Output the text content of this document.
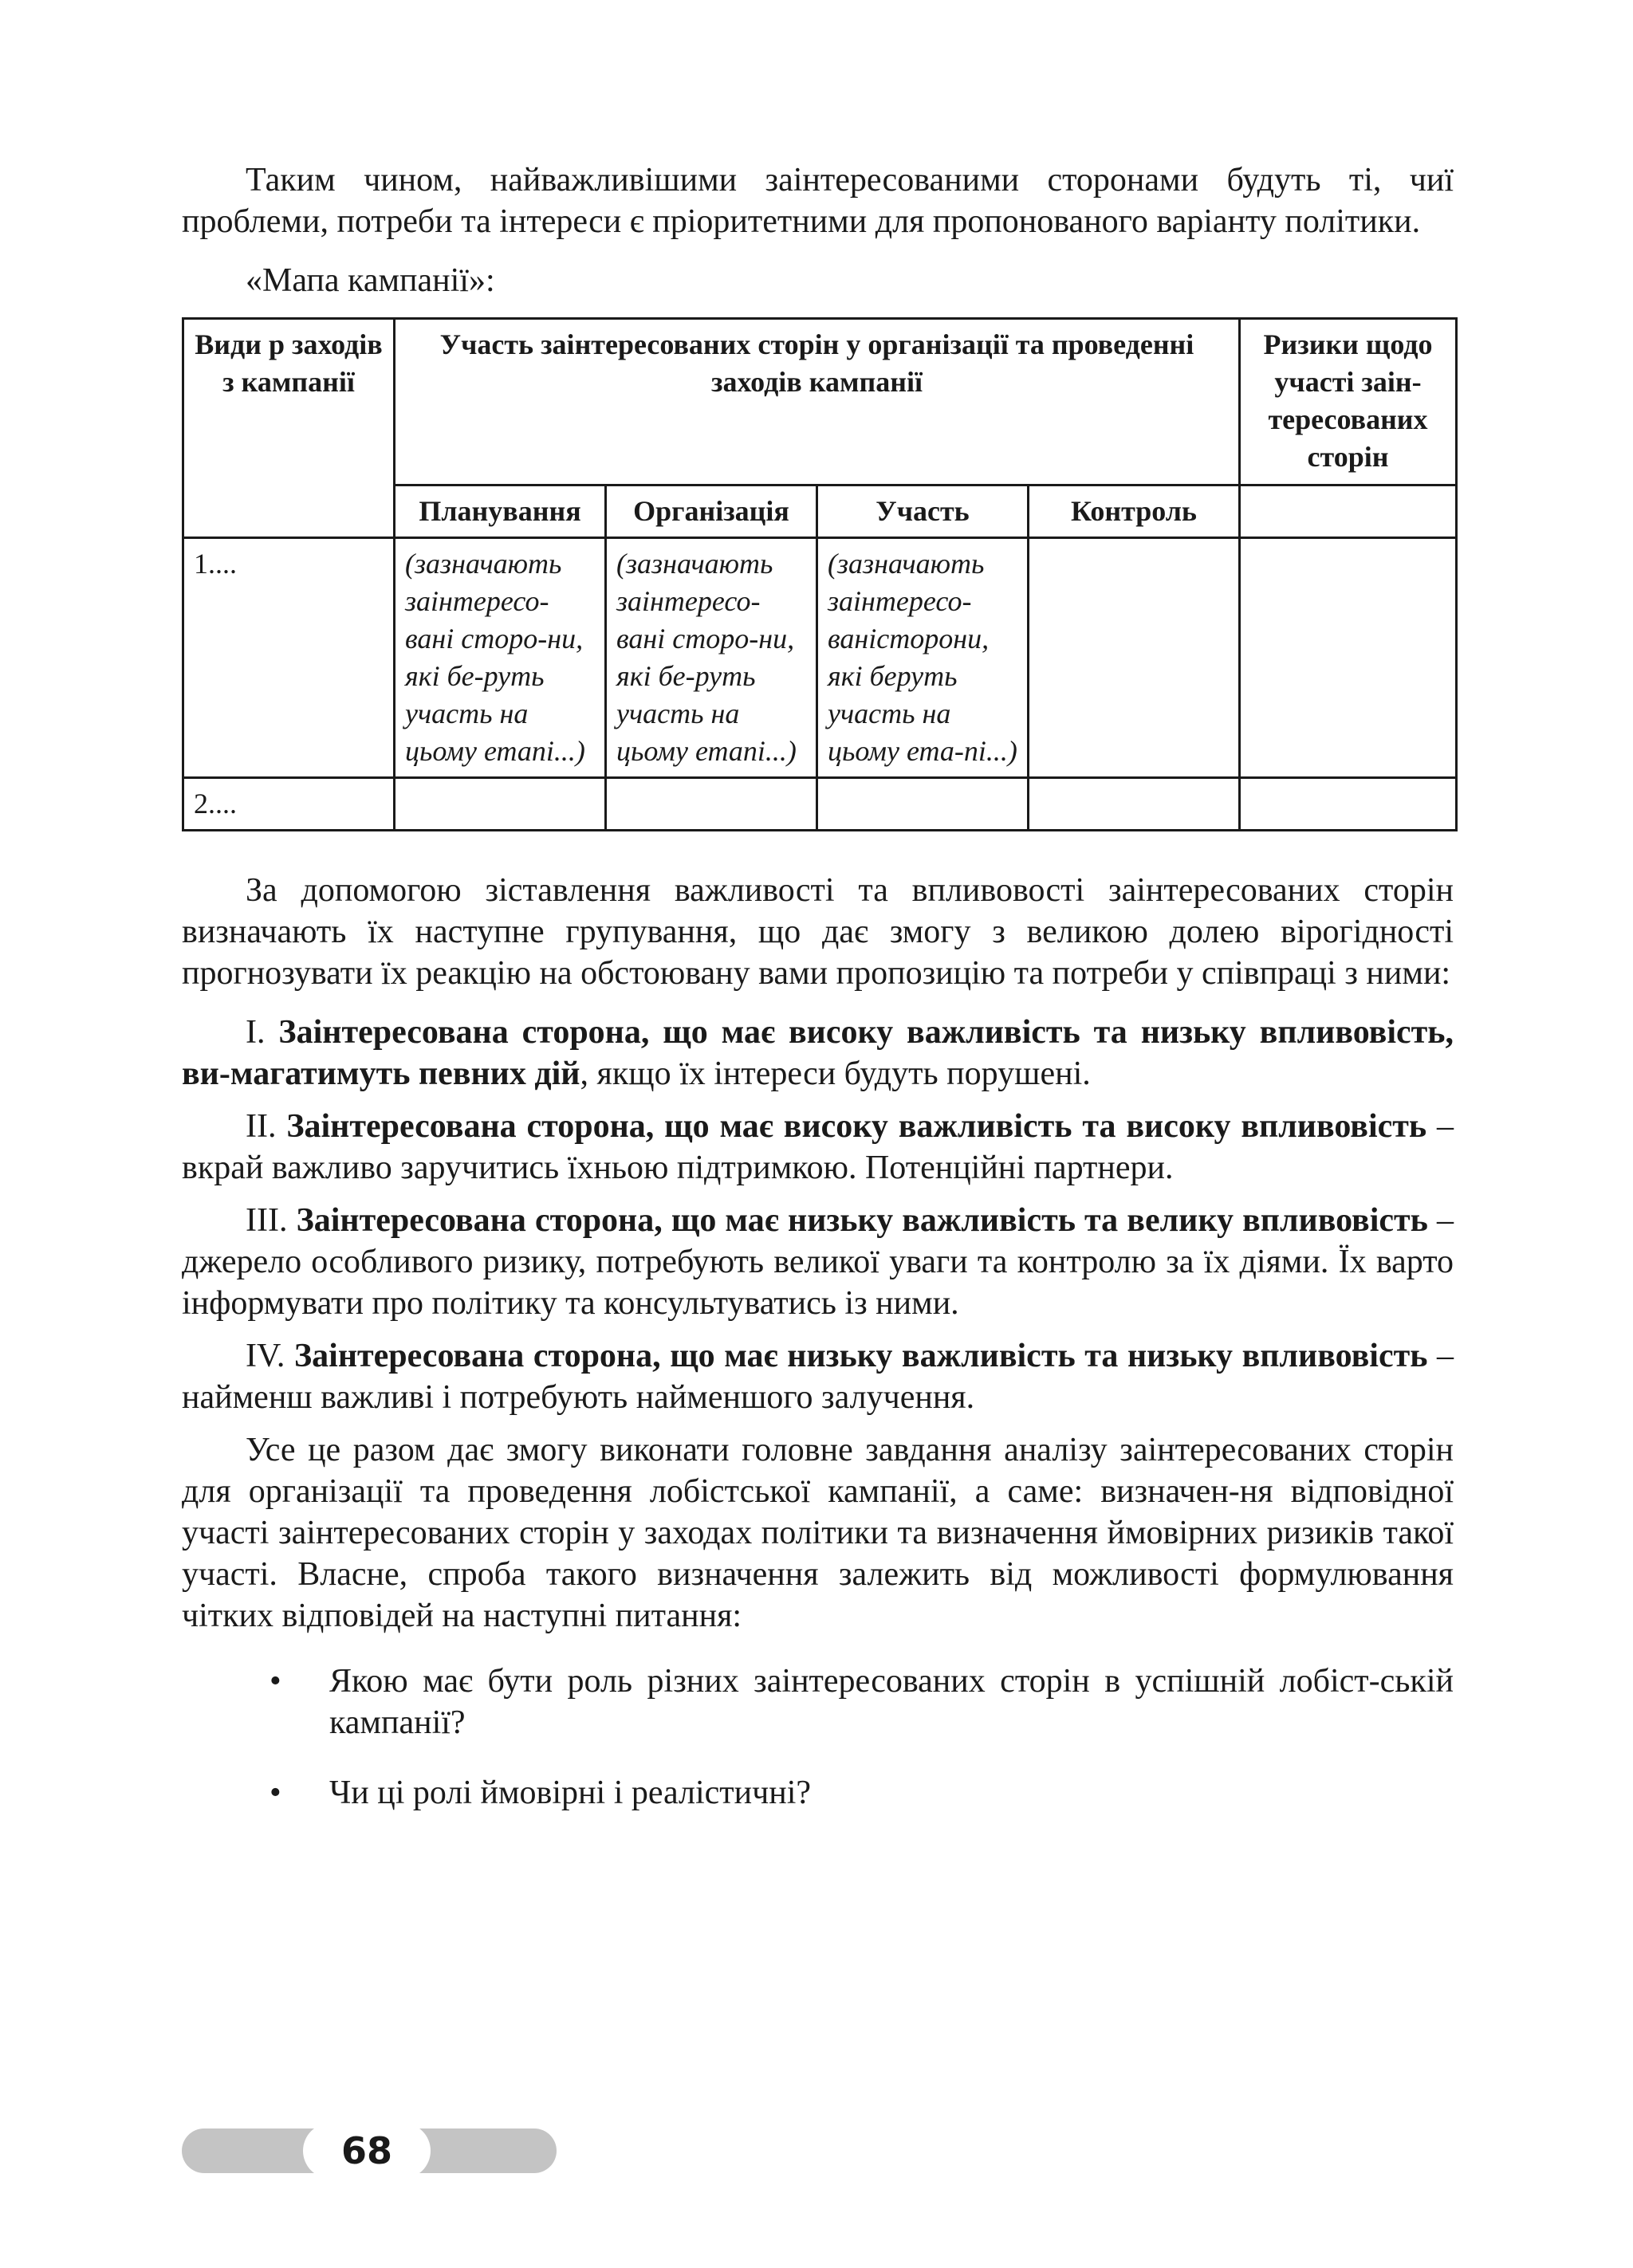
Таким чином, найважливішими заінтересованими сторонами будуть ті, чиї проблеми, потреби та інтереси є пріоритетними для пропонованого варіанту політики.

«Мапа кампанії»:

Види р заходів з кампанії	Участь заінтересованих сторін у організації та проведенні заходів кампанії				Ризики щодо участі заін-тересованих сторін
	Планування	Організація	Участь	Контроль	
1....	(зазначають заінтересо-вані сторо-ни, які бе-руть участь на цьому етапі...)	(зазначають заінтересо-вані сторо-ни, які бе-руть участь на цьому етапі...)	(зазначають заінтересо-ваністорони, які беруть участь на цьому ета-пі...)		
2....					

За допомогою зіставлення важливості та впливовості заінтересованих сторін визначають їх наступне групування, що дає змогу з великою долею вірогідності прогнозувати їх реакцію на обстоювану вами пропозицію та потреби у співпраці з ними:

I. Заінтересована сторона, що має високу важливість та низьку впливовість, ви-магатимуть певних дій, якщо їх інтереси будуть порушені.

II. Заінтересована сторона, що має високу важливість та високу впливовість – вкрай важливо заручитись їхньою підтримкою. Потенційні партнери.

III. Заінтересована сторона, що має низьку важливість та велику впливовість – джерело особливого ризику, потребують великої уваги та контролю за їх діями. Їх варто інформувати про політику та консультуватись із ними.

IV. Заінтересована сторона, що має низьку важливість та низьку впливовість – найменш важливі і потребують найменшого залучення.

Усе це разом дає змогу виконати головне завдання аналізу заінтересованих сторін для організації та проведення лобістської кампанії, а саме: визначен-ня відповідної участі заінтересованих сторін у заходах політики та визначення ймовірних ризиків такої участі. Власне, спроба такого визначення залежить від можливості формулювання чітких відповідей на наступні питання:

• Якою має бути роль різних заінтересованих сторін в успішній лобіст-ській кампанії?
• Чи ці ролі ймовірні і реалістичні?
68
